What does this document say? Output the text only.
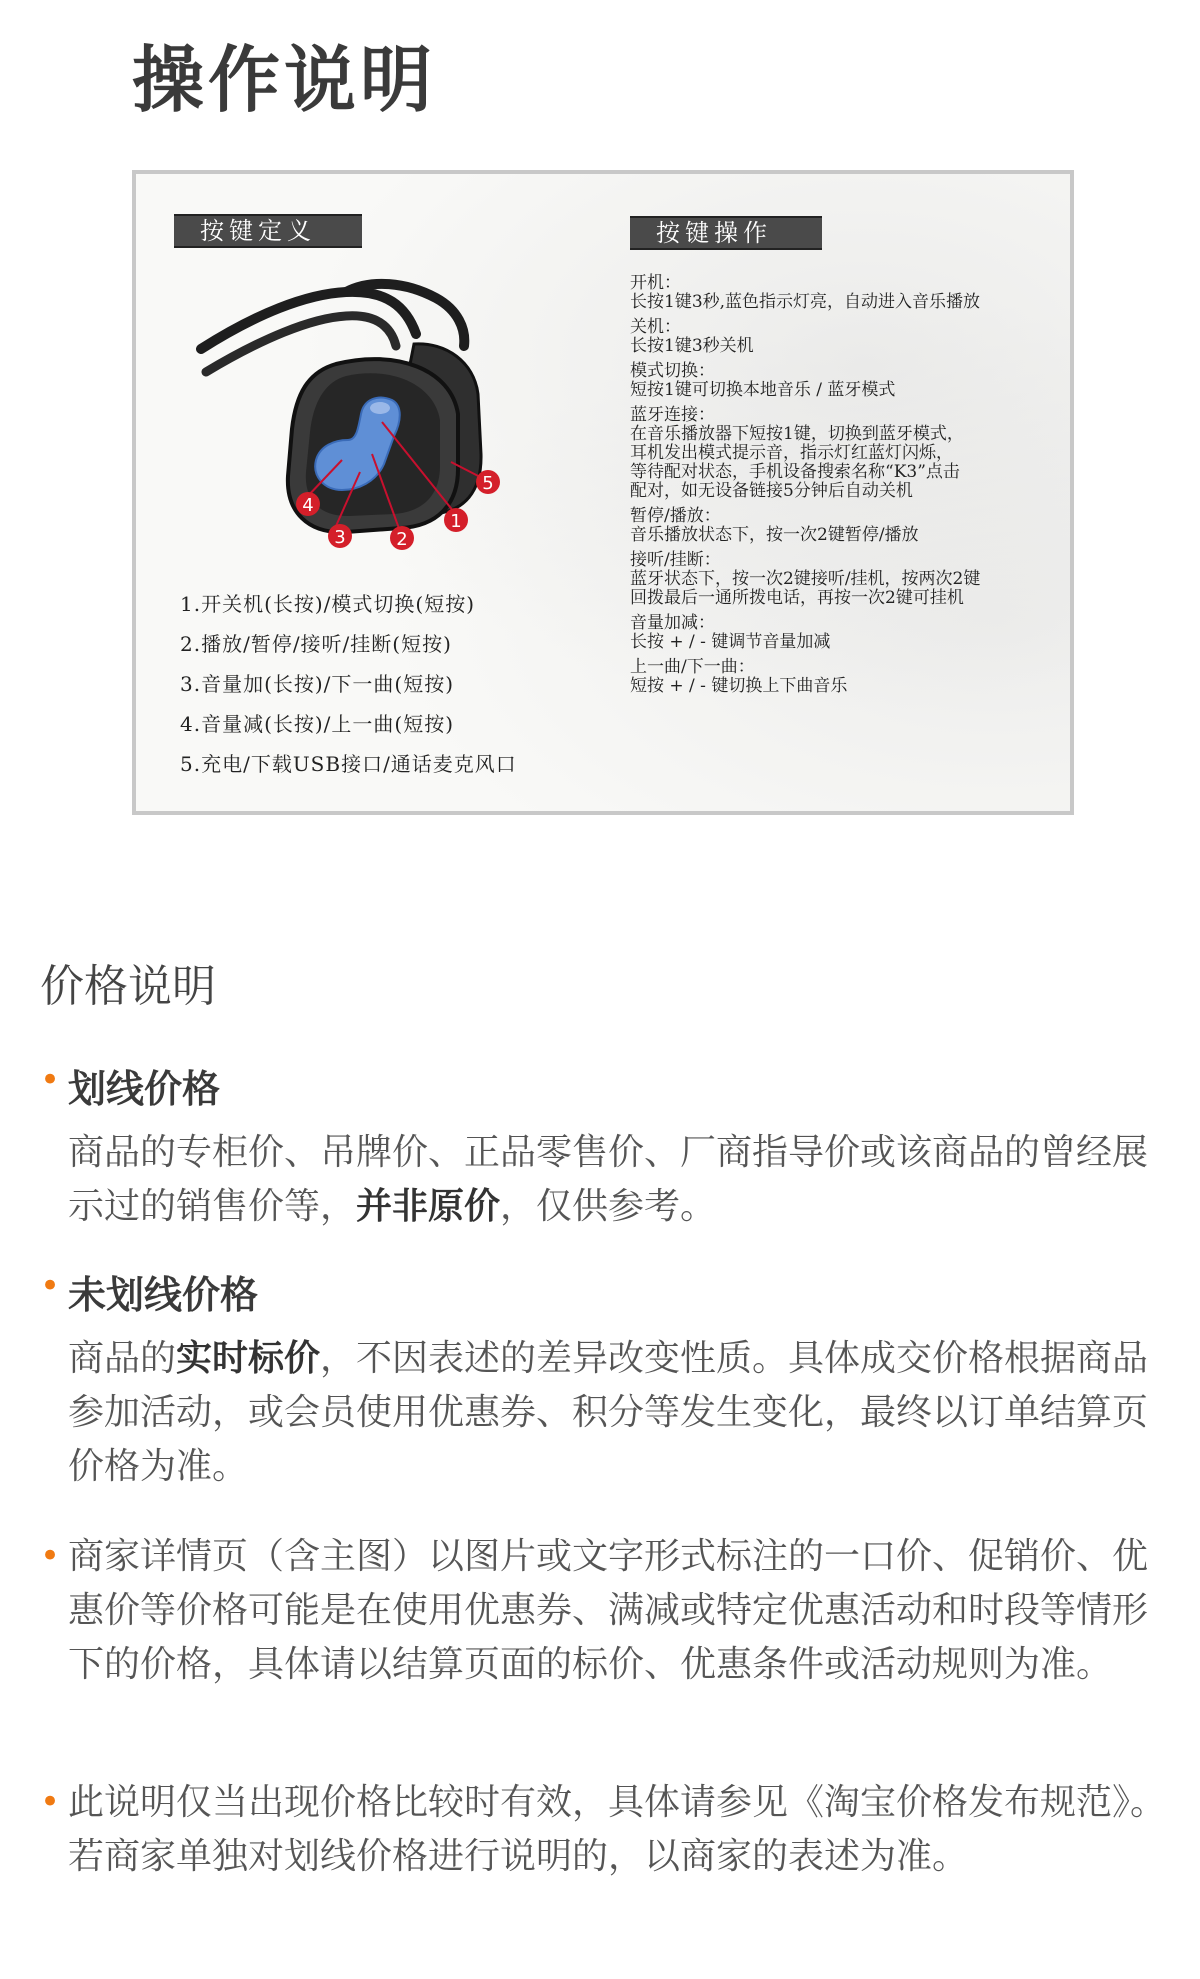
操作说明
按键定义	按键操作
1
2
3
4
5
1.开关机(长按)/模式切换(短按)
2.播放/暂停/接听/挂断(短按)
3.音量加(长按)/下一曲(短按)
4.音量减(长按)/上一曲(短按)
5.充电/下载USB接口/通话麦克风口
开机：
长按1键3秒,蓝色指示灯亮，自动进入音乐播放
关机：
长按1键3秒关机
模式切换：
短按1键可切换本地音乐 / 蓝牙模式
蓝牙连接：
在音乐播放器下短按1键，切换到蓝牙模式，
耳机发出模式提示音，指示灯红蓝灯闪烁，
等待配对状态，手机设备搜索名称“K3”点击
配对，如无设备链接5分钟后自动关机
暂停/播放：
音乐播放状态下，按一次2键暂停/播放
接听/挂断：
蓝牙状态下，按一次2键接听/挂机，按两次2键
回拨最后一通所拨电话，再按一次2键可挂机
音量加减：
长按 + / - 键调节音量加减
上一曲/下一曲：
短按 + / - 键切换上下曲音乐
价格说明
• 划线价格

商品的专柜价、吊牌价、正品零售价、厂商指导价或该商品的曾经展示过的销售价等，并非原价，仅供参考。

• 未划线价格

商品的实时标价，不因表述的差异改变性质。具体成交价格根据商品参加活动，或会员使用优惠券、积分等发生变化，最终以订单结算页价格为准。

• 商家详情页（含主图）以图片或文字形式标注的一口价、促销价、优惠价等价格可能是在使用优惠券、满减或特定优惠活动和时段等情形下的价格，具体请以结算页面的标价、优惠条件或活动规则为准。

• 此说明仅当出现价格比较时有效，具体请参见《淘宝价格发布规范》。若商家单独对划线价格进行说明的，以商家的表述为准。
